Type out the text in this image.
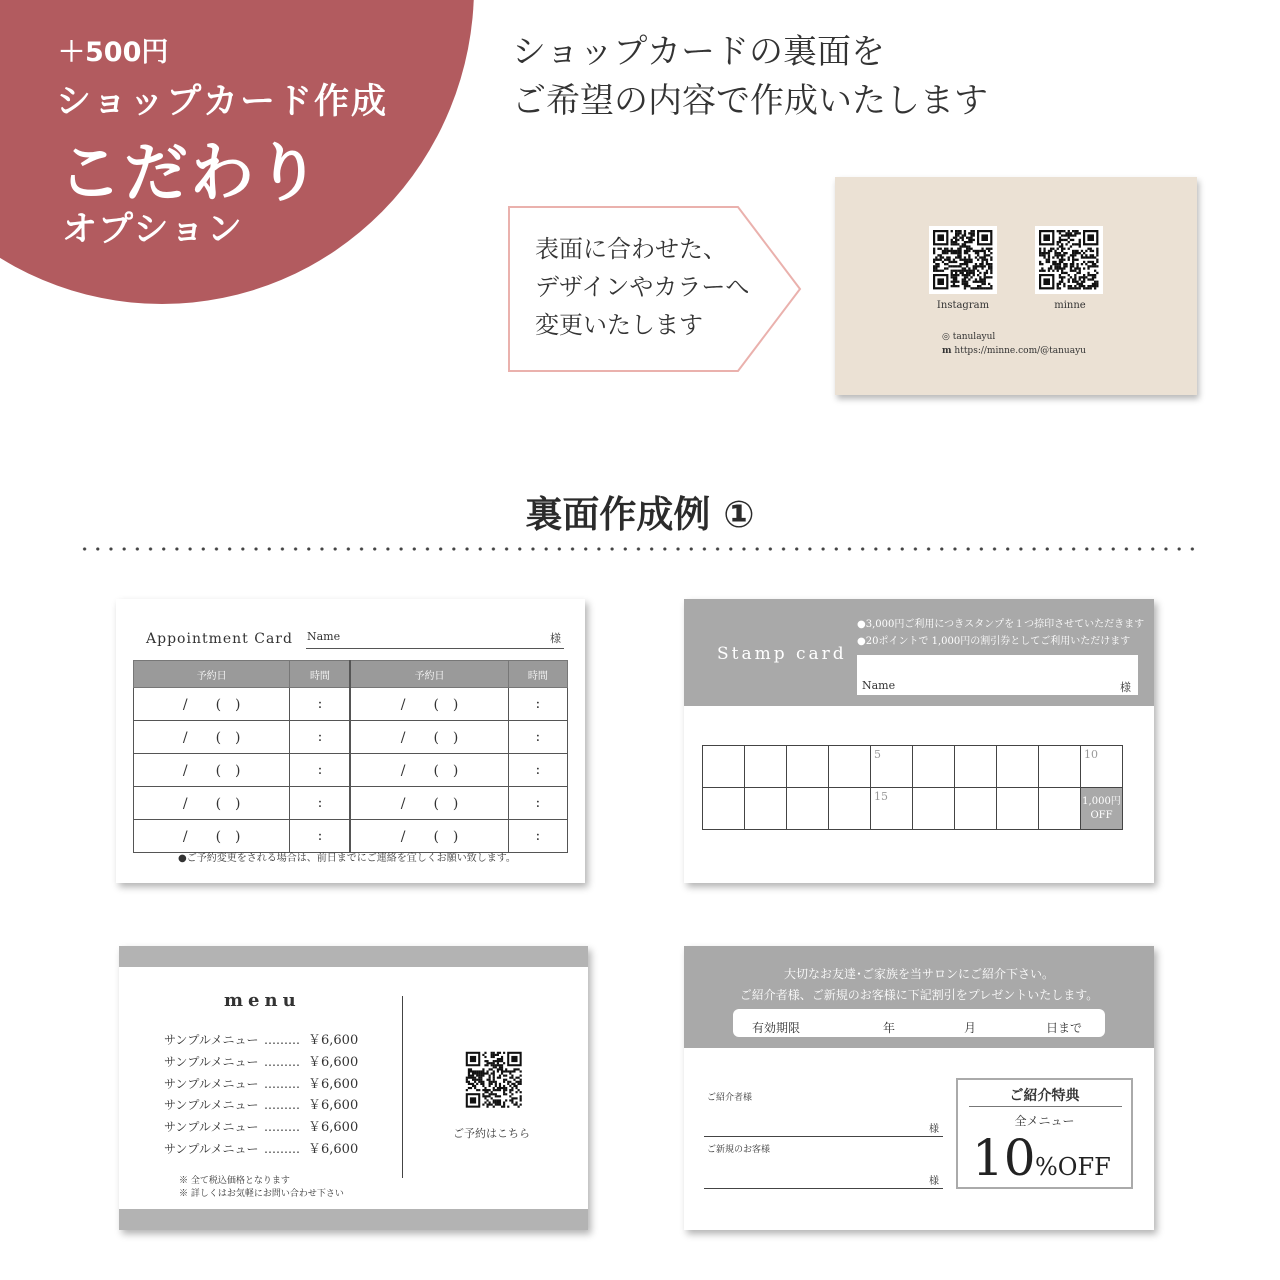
＋500円
ショップカード作成
こだわり
オプション
ショップカードの裏面を
ご希望の内容で作成いたします
表面に合わせた、
デザインやカラーへ
変更いたします
Instagram	minne
◎ tanulayul
m https://minne.com/@tanuayu
裏面作成例 ①
Appointment Card Name	様
予約日	時間	予約日	時間
/　　(　)	:	/　　(　)	:
/　　(　)	:	/　　(　)	:
/　　(　)	:	/　　(　)	:
/　　(　)	:	/　　(　)	:
/　　(　)	:	/　　(　)	:
●ご予約変更をされる場合は、前日までにご連絡を宜しくお願い致します。
Stamp card
●3,000円ご利用につきスタンプを１つ捺印させていただきます
●20ポイントで 1,000円の割引券としてご利用いただけます
Name	様
				5					10
				15					1,000円
OFF
menu
サンプルメニュー ……… ￥6,600
サンプルメニュー ……… ￥6,600
サンプルメニュー ……… ￥6,600
サンプルメニュー ……… ￥6,600
サンプルメニュー ……… ￥6,600
サンプルメニュー ……… ￥6,600
※ 全て税込価格となります
※ 詳しくはお気軽にお問い合わせ下さい
ご予約はこちら
大切なお友達･ご家族を当サロンにご紹介下さい。
ご紹介者様、ご新規のお客様に下記割引をプレゼントいたします。
有効期限	年	月	日まで
ご紹介者様
様
ご新規のお客様
様
ご紹介特典
全メニュー
10 %OFF
